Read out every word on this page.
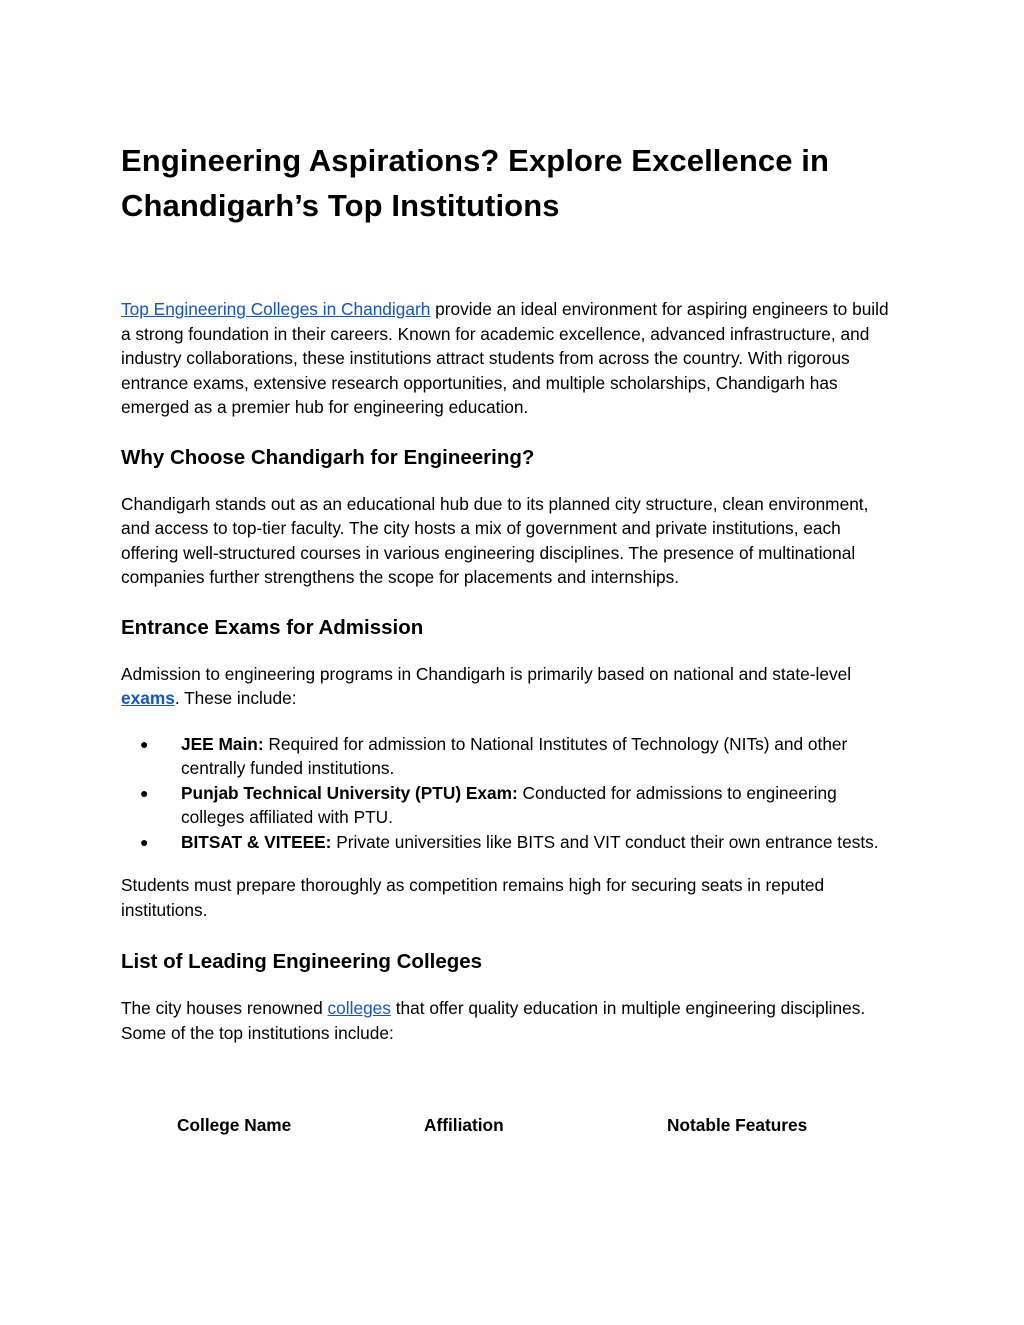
Engineering Aspirations? Explore Excellence in Chandigarh’s Top Institutions

Top Engineering Colleges in Chandigarh provide an ideal environment for aspiring engineers to build a strong foundation in their careers. Known for academic excellence, advanced infrastructure, and industry collaborations, these institutions attract students from across the country. With rigorous entrance exams, extensive research opportunities, and multiple scholarships, Chandigarh has emerged as a premier hub for engineering education.

Why Choose Chandigarh for Engineering?

Chandigarh stands out as an educational hub due to its planned city structure, clean environment, and access to top-tier faculty. The city hosts a mix of government and private institutions, each offering well-structured courses in various engineering disciplines. The presence of multinational companies further strengthens the scope for placements and internships.

Entrance Exams for Admission

Admission to engineering programs in Chandigarh is primarily based on national and state-level exams. These include:

● JEE Main: Required for admission to National Institutes of Technology (NITs) and other centrally funded institutions.
● Punjab Technical University (PTU) Exam: Conducted for admissions to engineering colleges affiliated with PTU.
● BITSAT & VITEEE: Private universities like BITS and VIT conduct their own entrance tests.

Students must prepare thoroughly as competition remains high for securing seats in reputed institutions.

List of Leading Engineering Colleges

The city houses renowned colleges that offer quality education in multiple engineering disciplines. Some of the top institutions include:

College Name	Affiliation	Notable Features
